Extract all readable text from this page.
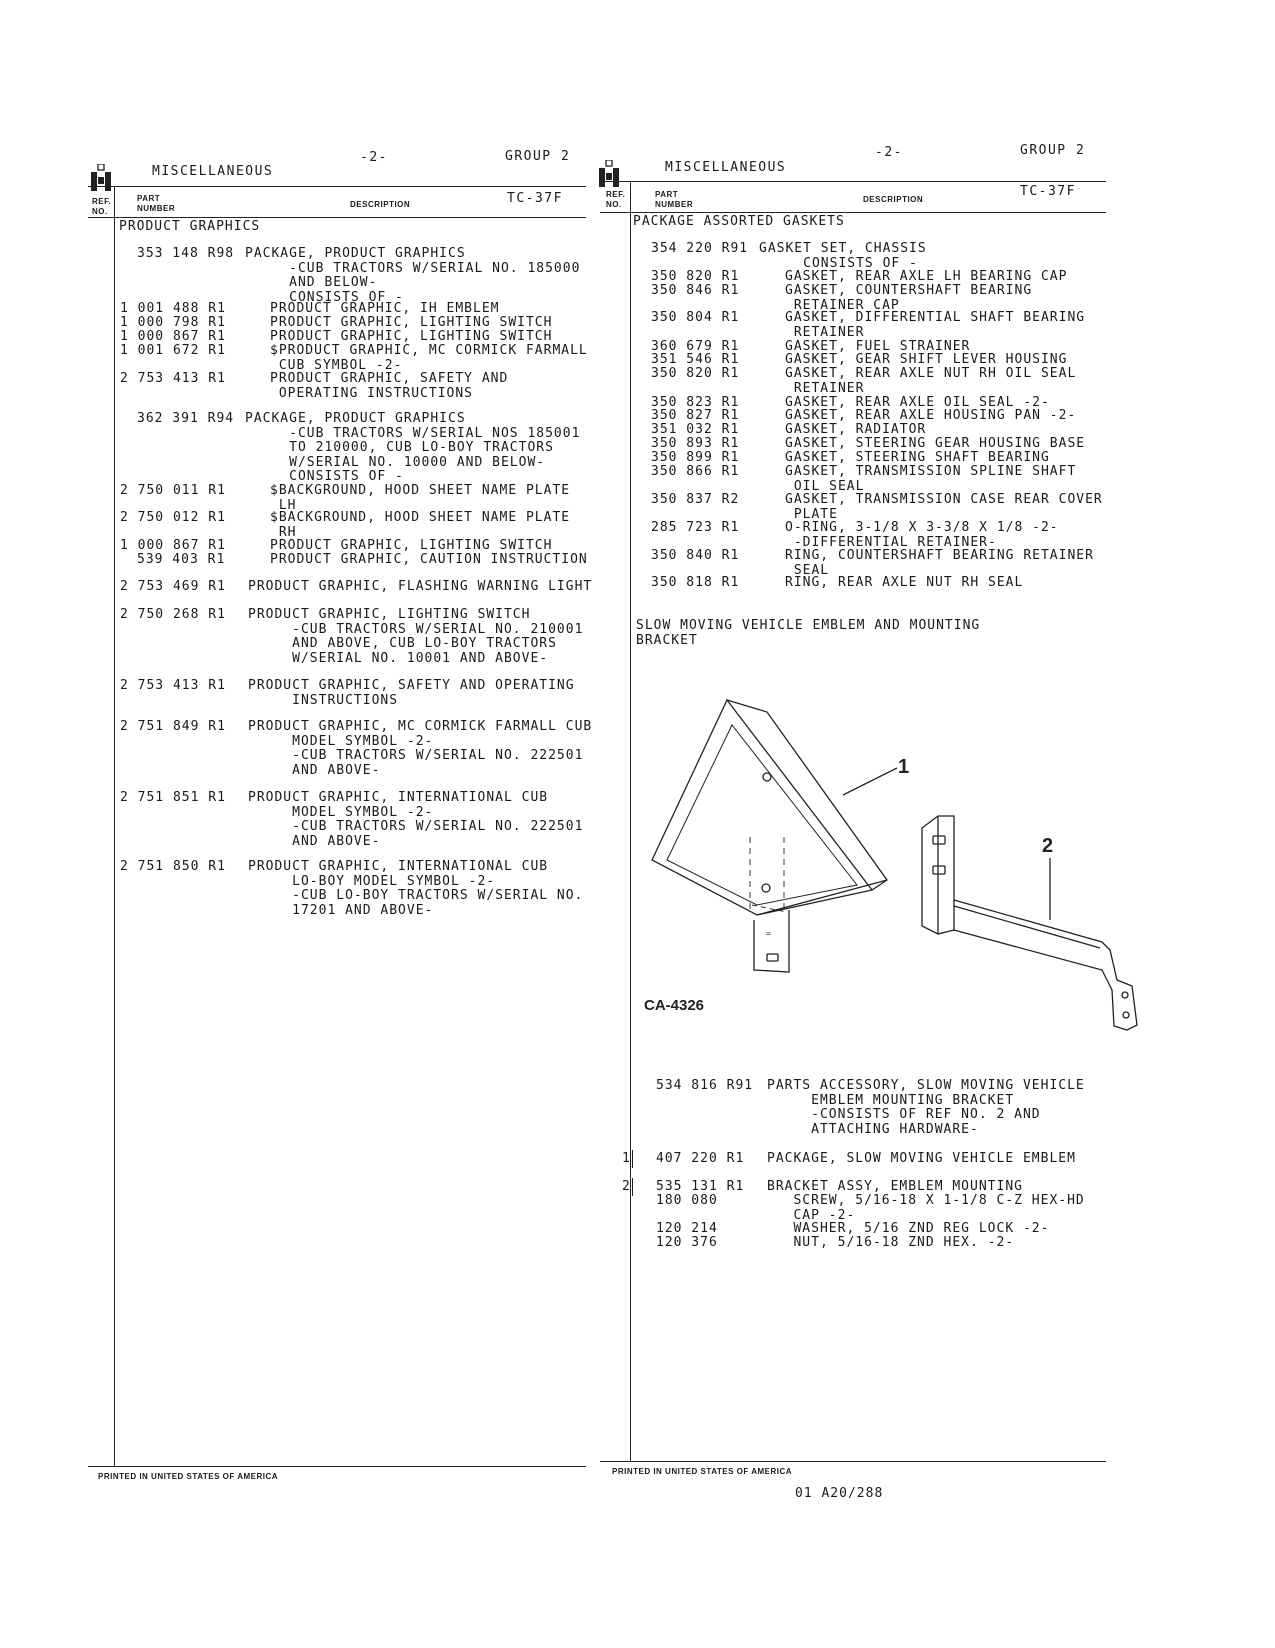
MISCELLANEOUS
-2-	GROUP 2
REF.
NO.
PART
NUMBER	DESCRIPTION	TC-37F
PRODUCT GRAPHICS
353 148 R98 PACKAGE, PRODUCT GRAPHICS
-CUB TRACTORS W/SERIAL NO. 185000
AND BELOW-
CONSISTS OF -
1 001 488 R1	PRODUCT GRAPHIC, IH EMBLEM
1 000 798 R1	PRODUCT GRAPHIC, LIGHTING SWITCH
1 000 867 R1	PRODUCT GRAPHIC, LIGHTING SWITCH
1 001 672 R1	$PRODUCT GRAPHIC, MC CORMICK FARMALL
CUB SYMBOL -2-
2 753 413 R1	PRODUCT GRAPHIC, SAFETY AND
OPERATING INSTRUCTIONS
362 391 R94 PACKAGE, PRODUCT GRAPHICS
-CUB TRACTORS W/SERIAL NOS 185001
TO 210000, CUB LO-BOY TRACTORS
W/SERIAL NO. 10000 AND BELOW-
CONSISTS OF -
2 750 011 R1	$BACKGROUND, HOOD SHEET NAME PLATE
LH
2 750 012 R1	$BACKGROUND, HOOD SHEET NAME PLATE
RH
1 000 867 R1	PRODUCT GRAPHIC, LIGHTING SWITCH
539 403 R1	PRODUCT GRAPHIC, CAUTION INSTRUCTION
2 753 469 R1 PRODUCT GRAPHIC, FLASHING WARNING LIGHT
2 750 268 R1 PRODUCT GRAPHIC, LIGHTING SWITCH
-CUB TRACTORS W/SERIAL NO. 210001
AND ABOVE, CUB LO-BOY TRACTORS
W/SERIAL NO. 10001 AND ABOVE-
2 753 413 R1 PRODUCT GRAPHIC, SAFETY AND OPERATING
INSTRUCTIONS
2 751 849 R1 PRODUCT GRAPHIC, MC CORMICK FARMALL CUB
MODEL SYMBOL -2-
-CUB TRACTORS W/SERIAL NO. 222501
AND ABOVE-
2 751 851 R1 PRODUCT GRAPHIC, INTERNATIONAL CUB
MODEL SYMBOL -2-
-CUB TRACTORS W/SERIAL NO. 222501
AND ABOVE-
2 751 850 R1 PRODUCT GRAPHIC, INTERNATIONAL CUB
LO-BOY MODEL SYMBOL -2-
-CUB LO-BOY TRACTORS W/SERIAL NO.
17201 AND ABOVE-
PRINTED IN UNITED STATES OF AMERICA
MISCELLANEOUS
-2-	GROUP 2
REF.
NO.
PART
NUMBER
DESCRIPTION
TC-37F
PACKAGE ASSORTED GASKETS
354 220 R91 GASKET SET, CHASSIS
CONSISTS OF -
350 820 R1	GASKET, REAR AXLE LH BEARING CAP
350 846 R1	GASKET, COUNTERSHAFT BEARING
RETAINER CAP
350 804 R1	GASKET, DIFFERENTIAL SHAFT BEARING
RETAINER
360 679 R1	GASKET, FUEL STRAINER
351 546 R1	GASKET, GEAR SHIFT LEVER HOUSING
350 820 R1	GASKET, REAR AXLE NUT RH OIL SEAL
RETAINER
350 823 R1	GASKET, REAR AXLE OIL SEAL -2-
350 827 R1	GASKET, REAR AXLE HOUSING PAN -2-
351 032 R1	GASKET, RADIATOR
350 893 R1	GASKET, STEERING GEAR HOUSING BASE
350 899 R1	GASKET, STEERING SHAFT BEARING
350 866 R1	GASKET, TRANSMISSION SPLINE SHAFT
OIL SEAL
350 837 R2	GASKET, TRANSMISSION CASE REAR COVER
PLATE
285 723 R1	O-RING, 3-1/8 X 3-3/8 X 1/8 -2-
-DIFFERENTIAL RETAINER-
350 840 R1	RING, COUNTERSHAFT BEARING RETAINER
SEAL
350 818 R1	RING, REAR AXLE NUT RH SEAL
SLOW MOVING VEHICLE EMBLEM AND MOUNTING
BRACKET
=
1
2
CA-4326
534 816 R91 PARTS ACCESSORY, SLOW MOVING VEHICLE
EMBLEM MOUNTING BRACKET
-CONSISTS OF REF NO. 2 AND
ATTACHING HARDWARE-
1 407 220 R1 PACKAGE, SLOW MOVING VEHICLE EMBLEM
2 535 131 R1 BRACKET ASSY, EMBLEM MOUNTING
180 080	SCREW, 5/16-18 X 1-1/8 C-Z HEX-HD
CAP -2-
120 214	WASHER, 5/16 ZND REG LOCK -2-
120 376	NUT, 5/16-18 ZND HEX. -2-
PRINTED IN UNITED STATES OF AMERICA
01 A20/288
